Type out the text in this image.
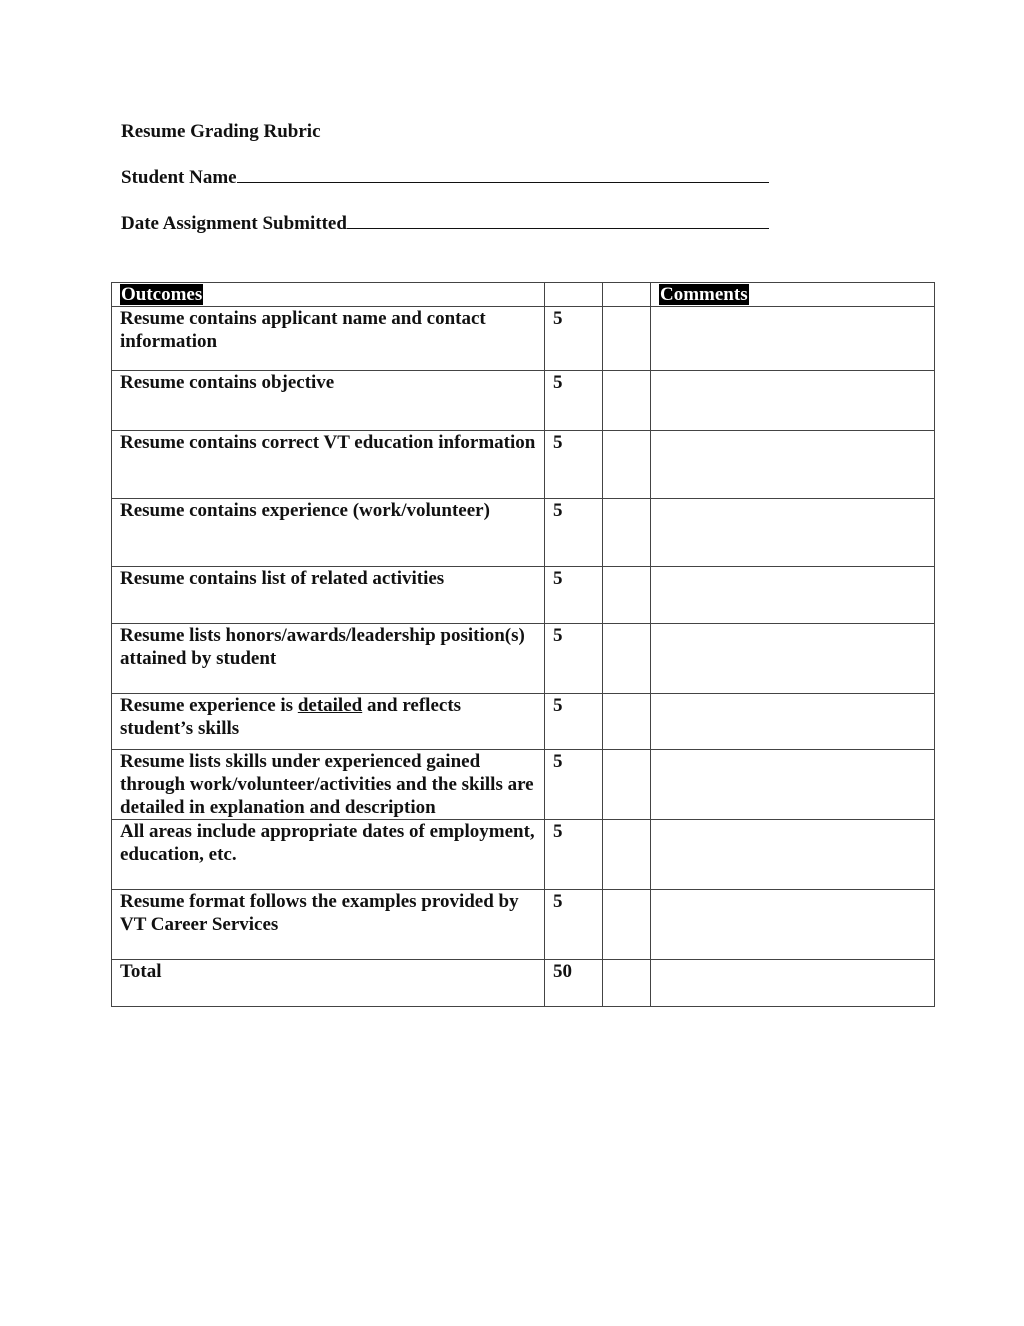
Resume Grading Rubric

Student Name

Date Assignment Submitted

Outcomes			Comments
Resume contains applicant name and contact information	5		
Resume contains objective	5		
Resume contains correct VT education information	5		
Resume contains experience (work/volunteer)	5		
Resume contains list of related activities	5		
Resume lists honors/awards/leadership position(s) attained by student	5		
Resume experience is detailed and reflects student’s skills	5		
Resume lists skills under experienced gained through work/volunteer/activities and the skills are detailed in explanation and description	5		
All areas include appropriate dates of employment, education, etc.	5		
Resume format follows the examples provided by VT Career Services	5		
Total	50		
